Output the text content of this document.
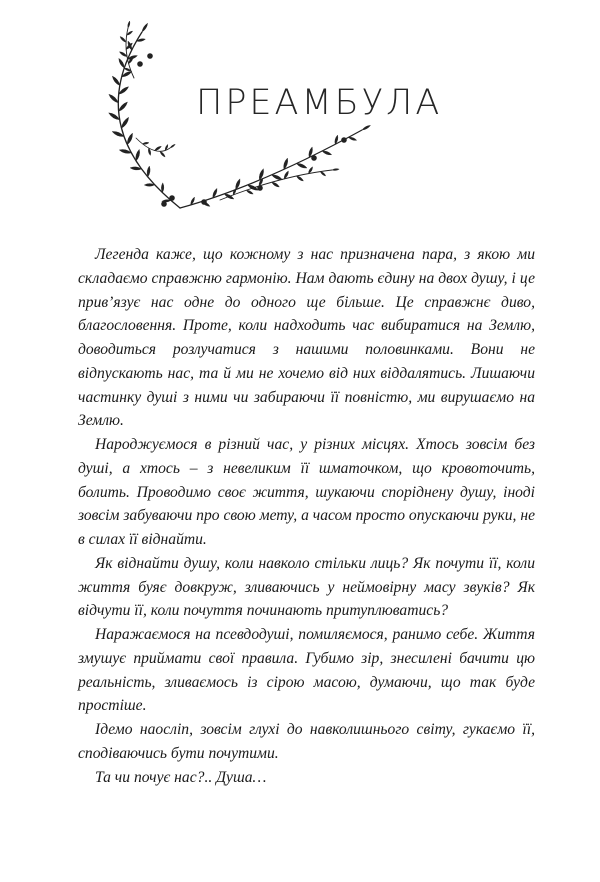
ПРЕАМБУЛА

Легенда каже, що кожному з нас призначена пара, з якою ми складаємо справжню гармонію. Нам дають єдину на двох душу, і це прив’язує нас одне до одного ще більше. Це справжнє диво, благословення. Проте, коли надходить час вибиратися на Землю, доводиться розлучатися з нашими половинками. Вони не відпускають нас, та й ми не хочемо від них віддалятись. Лишаючи частинку душі з ними чи забираючи її повністю, ми вирушаємо на Землю.

Народжуємося в різний час, у різних місцях. Хтось зовсім без душі, а хтось – з невеликим її шматочком, що кровоточить, болить. Проводимо своє життя, шукаючи споріднену душу, іноді зовсім забуваючи про свою мету, а часом просто опускаючи руки, не в силах її віднайти.

Як віднайти душу, коли навколо стільки лиць? Як почути її, коли життя буяє довкруж, зливаючись у неймовірну масу звуків? Як відчути її, коли почуття починають притуплюватись?

Наражаємося на псевдодуші, помиляємося, ранимо себе. Життя змушує приймати свої правила. Губимо зір, знесилені бачити цю реальність, зливаємось із сірою масою, думаючи, що так буде простіше.

Ідемо наосліп, зовсім глухі до навколишнього світу, гукаємо її, сподіваючись бути почутими.

Та чи почує нас?.. Душа…
